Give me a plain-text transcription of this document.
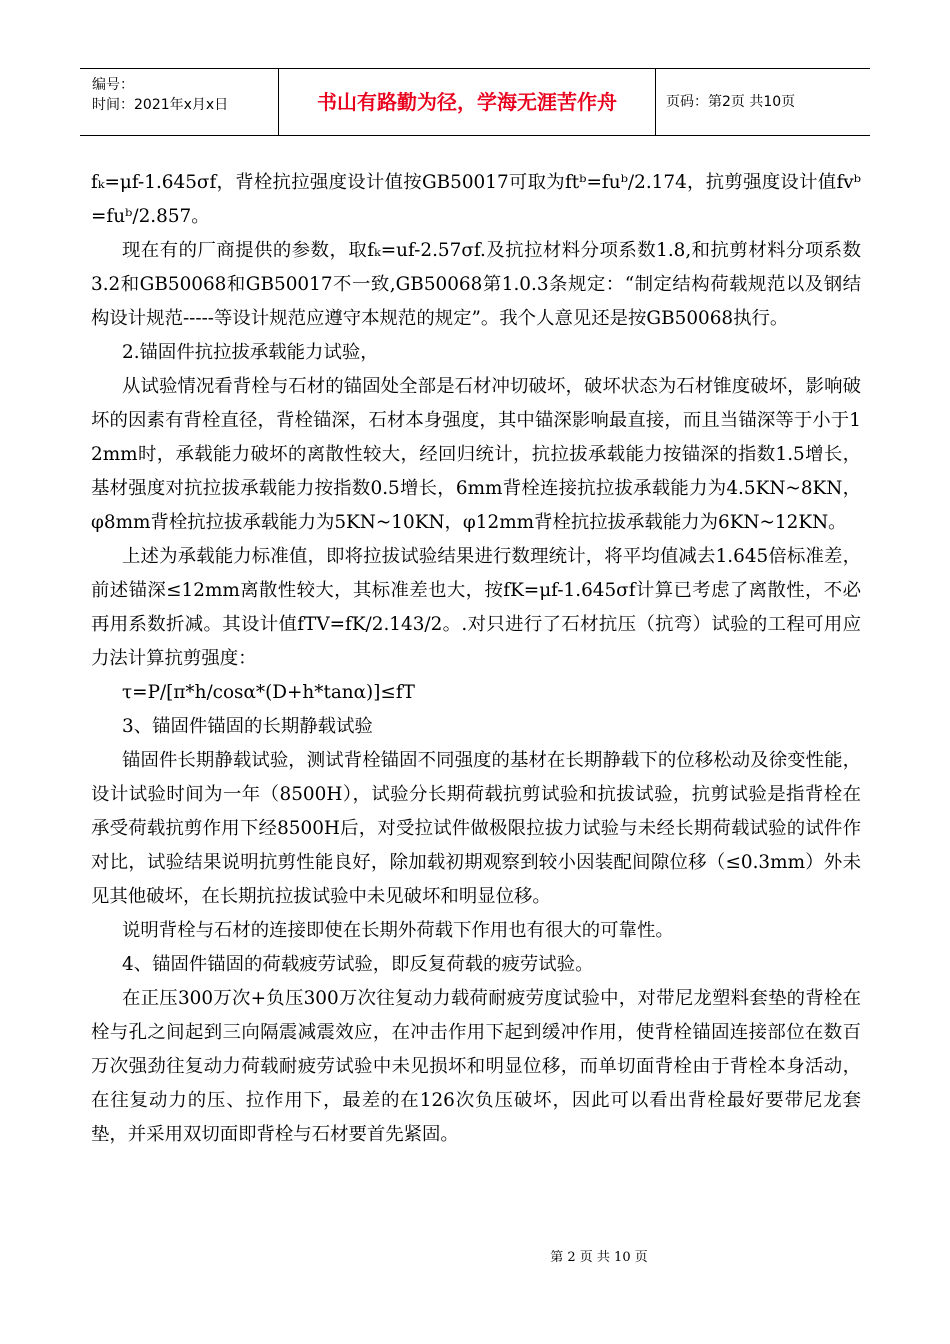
编号：
时间：2021年x月x日	书山有路勤为径，学海无涯苦作舟	页码：第2页 共10页

fₖ=μf-1.645σf，背栓抗拉强度设计值按GB50017可取为ftᵇ=fuᵇ/2.174，抗剪强度设计值fvᵇ=fuᵇ/2.857。

现在有的厂商提供的参数，取fₖ=uf-2.57σf.及抗拉材料分项系数1.8,和抗剪材料分项系数3.2和GB50068和GB50017不一致,GB50068第1.0.3条规定：“制定结构荷载规范以及钢结构设计规范-----等设计规范应遵守本规范的规定”。我个人意见还是按GB50068执行。

2.锚固件抗拉拔承载能力试验，

从试验情况看背栓与石材的锚固处全部是石材冲切破坏，破坏状态为石材锥度破坏，影响破坏的因素有背栓直径，背栓锚深，石材本身强度，其中锚深影响最直接，而且当锚深等于小于12mm时，承载能力破坏的离散性较大，经回归统计，抗拉拔承载能力按锚深的指数1.5增长，基材强度对抗拉拔承载能力按指数0.5增长，6mm背栓连接抗拉拔承载能力为4.5KN~8KN，φ8mm背栓抗拉拔承载能力为5KN~10KN，φ12mm背栓抗拉拔承载能力为6KN~12KN。

上述为承载能力标准值，即将拉拔试验结果进行数理统计，将平均值减去1.645倍标准差，前述锚深≤12mm离散性较大，其标准差也大，按fK=μf-1.645σf计算已考虑了离散性，不必再用系数折减。其设计值fTV=fK/2.143/2。.对只进行了石材抗压（抗弯）试验的工程可用应力法计算抗剪强度：

τ=P/[π*h/cosα*(D+h*tanα)]≤fT

3、锚固件锚固的长期静载试验

锚固件长期静载试验，测试背栓锚固不同强度的基材在长期静载下的位移松动及徐变性能，设计试验时间为一年（8500H），试验分长期荷载抗剪试验和抗拔试验，抗剪试验是指背栓在承受荷载抗剪作用下经8500H后，对受拉试件做极限拉拔力试验与未经长期荷载试验的试件作对比，试验结果说明抗剪性能良好，除加载初期观察到较小因装配间隙位移（≤0.3mm）外未见其他破坏，在长期抗拉拔试验中未见破坏和明显位移。

说明背栓与石材的连接即使在长期外荷载下作用也有很大的可靠性。

4、锚固件锚固的荷载疲劳试验，即反复荷载的疲劳试验。

在正压300万次+负压300万次往复动力载荷耐疲劳度试验中，对带尼龙塑料套垫的背栓在栓与孔之间起到三向隔震减震效应，在冲击作用下起到缓冲作用，使背栓锚固连接部位在数百万次强劲往复动力荷载耐疲劳试验中未见损坏和明显位移，而单切面背栓由于背栓本身活动，在往复动力的压、拉作用下，最差的在126次负压破坏，因此可以看出背栓最好要带尼龙套垫，并采用双切面即背栓与石材要首先紧固。

第 2 页 共 10 页
